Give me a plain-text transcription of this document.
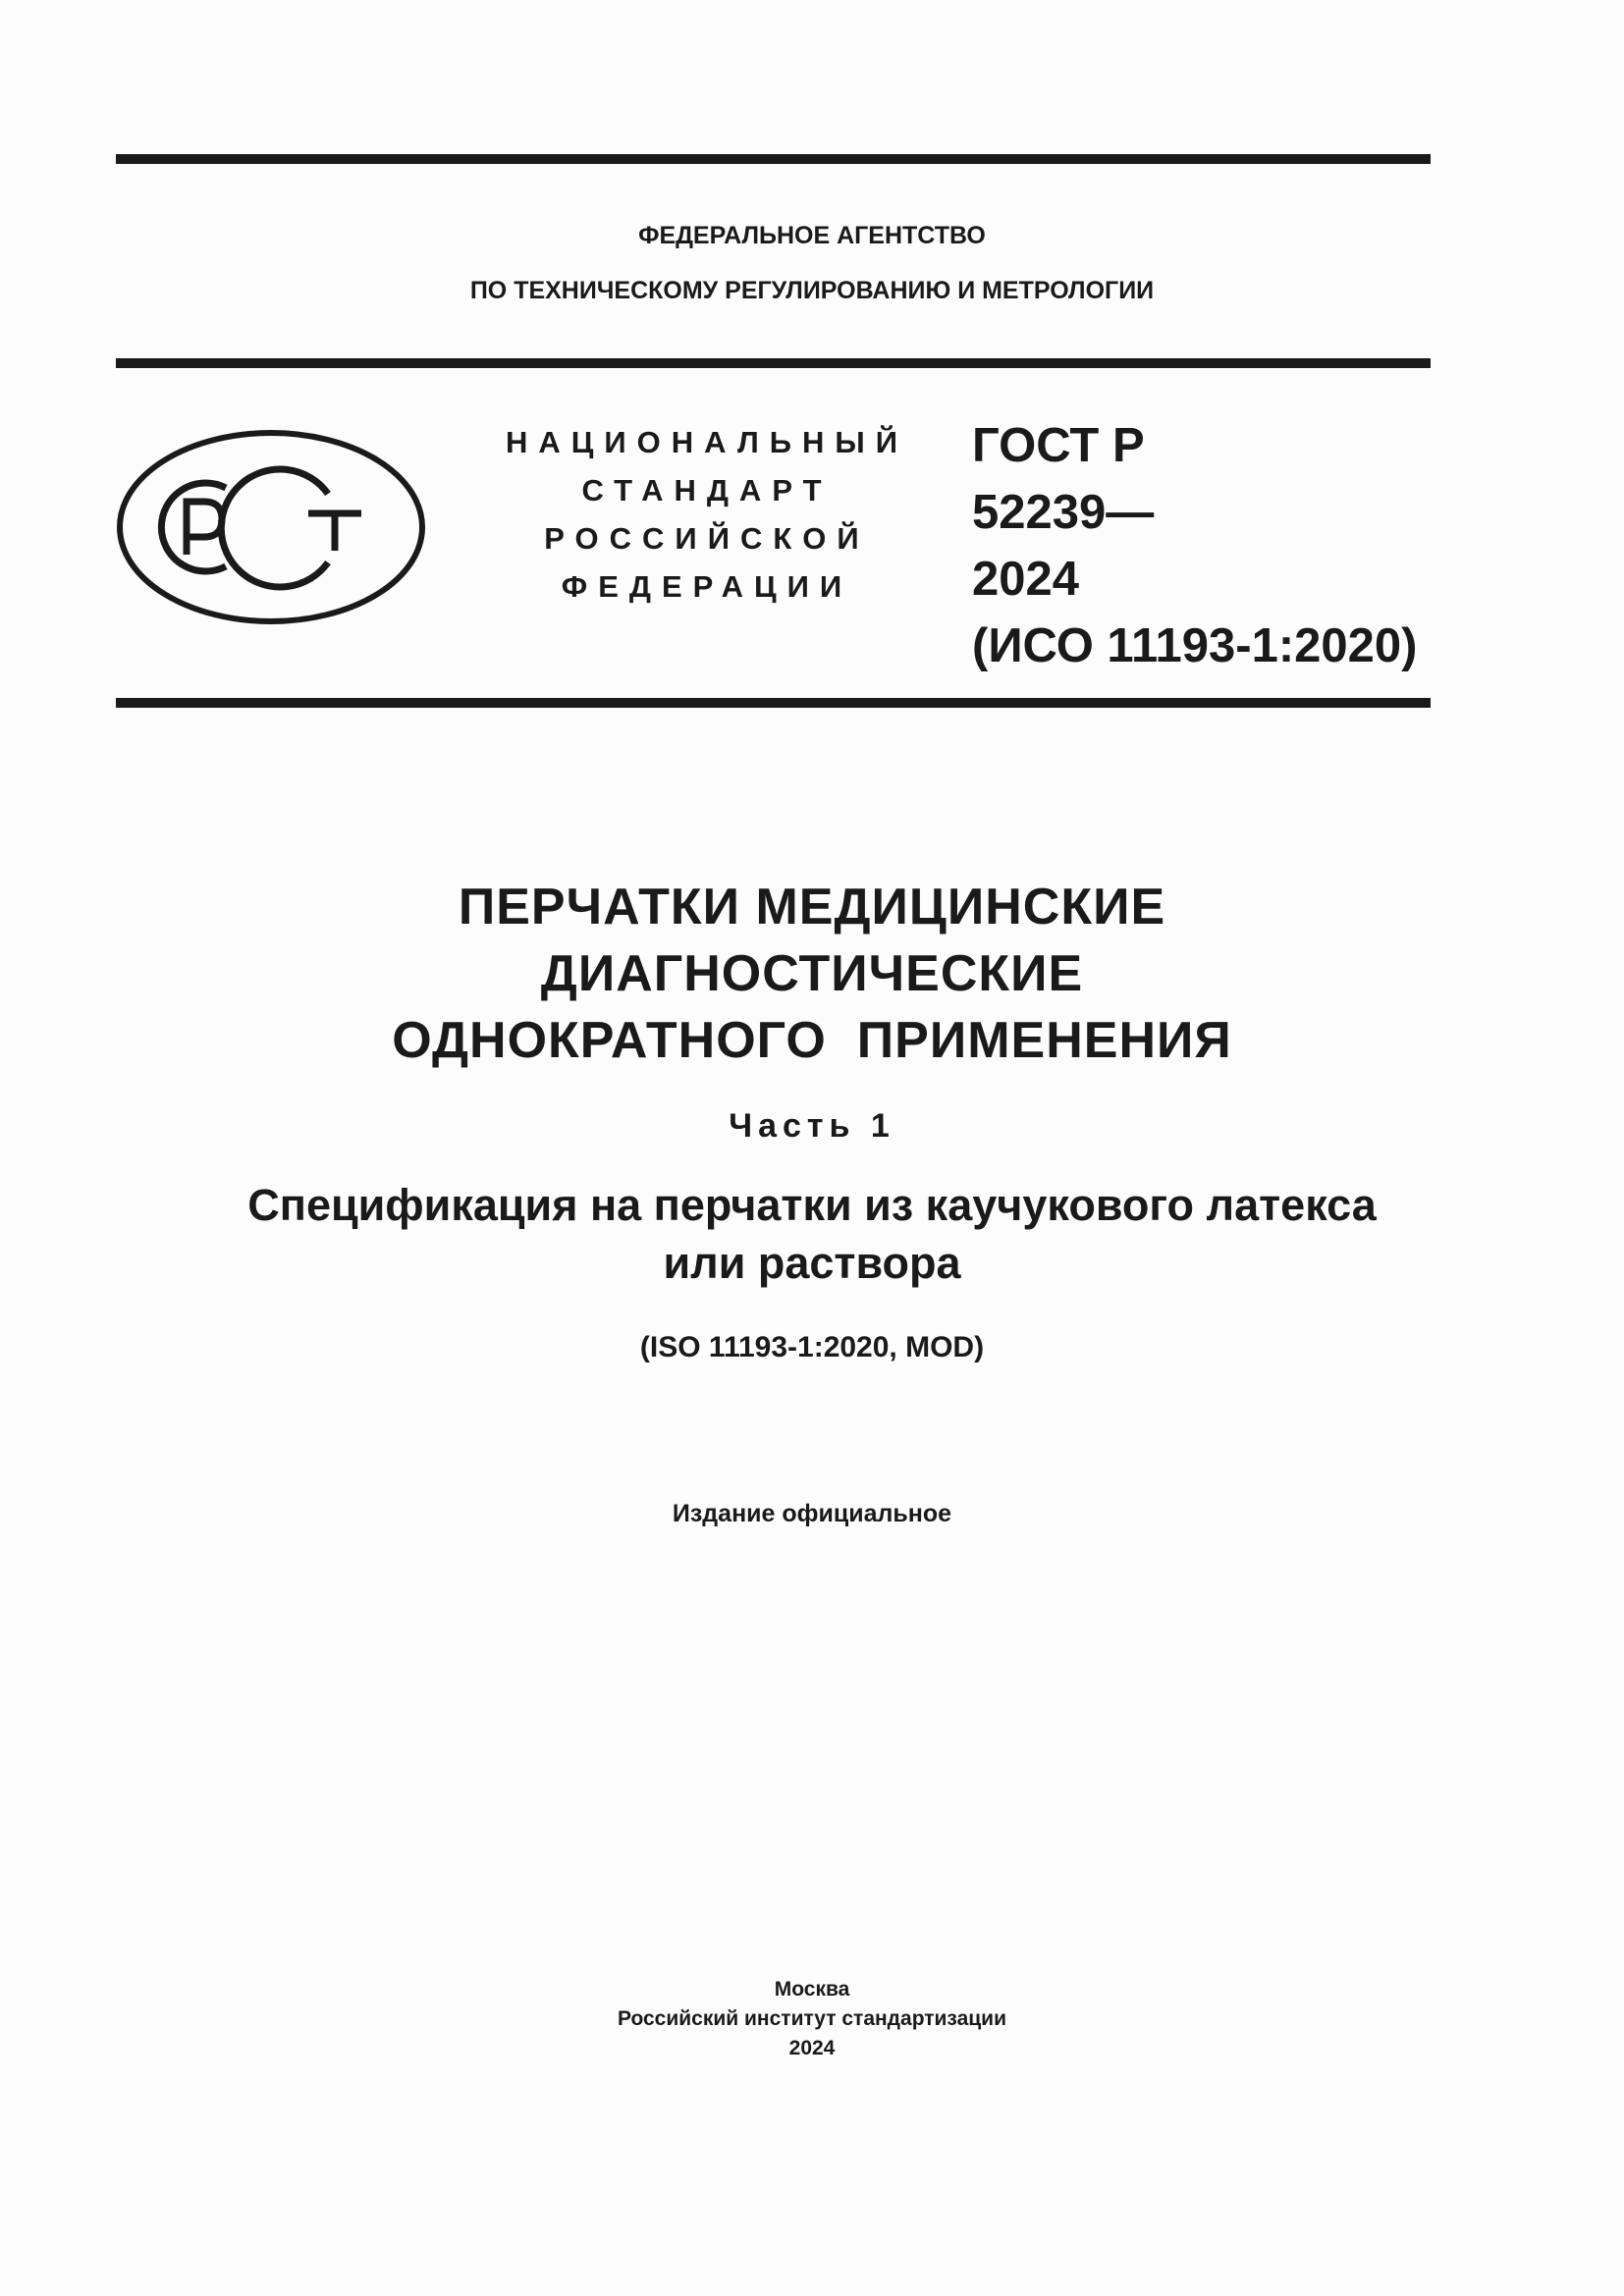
ФЕДЕРАЛЬНОЕ АГЕНТСТВО
ПО ТЕХНИЧЕСКОМУ РЕГУЛИРОВАНИЮ И МЕТРОЛОГИИ
НАЦИОНАЛЬНЫЙ
СТАНДАРТ
РОССИЙСКОЙ
ФЕДЕРАЦИИ
ГОСТ Р
52239—
2024
(ИСО 11193-1:2020)
ПЕРЧАТКИ МЕДИЦИНСКИЕ
ДИАГНОСТИЧЕСКИЕ
ОДНОКРАТНОГО  ПРИМЕНЕНИЯ
Часть 1
Спецификация на перчатки из каучукового латекса
или раствора
(ISO 11193-1:2020, MOD)
Издание официальное
Москва
Российский институт стандартизации
2024
